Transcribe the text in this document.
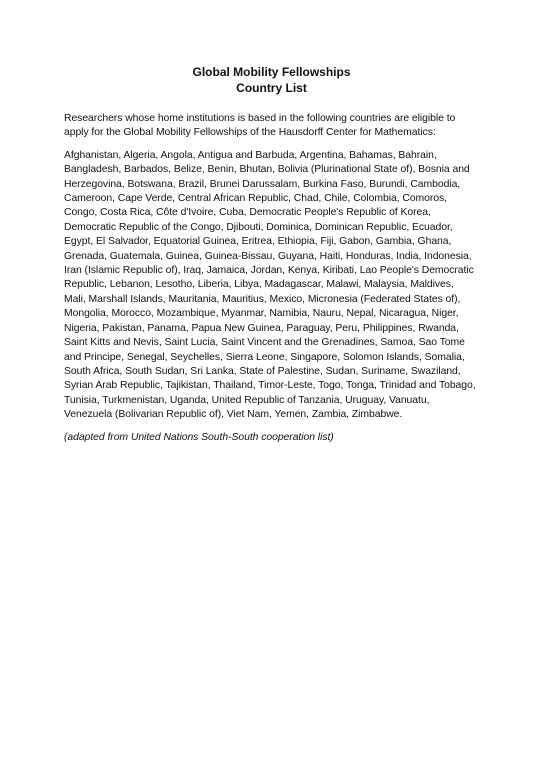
Global Mobility Fellowships
Country List

Researchers whose home institutions is based in the following countries are eligible to apply for the Global Mobility Fellowships of the Hausdorff Center for Mathematics:

Afghanistan, Algeria, Angola, Antigua and Barbuda, Argentina, Bahamas, Bahrain, Bangladesh, Barbados, Belize, Benin, Bhutan, Bolivia (Plurinational State of), Bosnia and Herzegovina, Botswana, Brazil, Brunei Darussalam, Burkina Faso, Burundi, Cambodia, Cameroon, Cape Verde, Central African Republic, Chad, Chile, Colombia, Comoros, Congo, Costa Rica, Côte d'Ivoire, Cuba, Democratic People's Republic of Korea, Democratic Republic of the Congo, Djibouti, Dominica, Dominican Republic, Ecuador, Egypt, El Salvador, Equatorial Guinea, Eritrea, Ethiopia, Fiji, Gabon, Gambia, Ghana, Grenada, Guatemala, Guinea, Guinea-Bissau, Guyana, Haiti, Honduras, India, Indonesia, Iran (Islamic Republic of), Iraq, Jamaica, Jordan, Kenya, Kiribati, Lao People's Democratic Republic, Lebanon, Lesotho, Liberia, Libya, Madagascar, Malawi, Malaysia, Maldives, Mali, Marshall Islands, Mauritania, Mauritius, Mexico, Micronesia (Federated States of), Mongolia, Morocco, Mozambique, Myanmar, Namibia, Nauru, Nepal, Nicaragua, Niger, Nigeria, Pakistan, Panama, Papua New Guinea, Paraguay, Peru, Philippines, Rwanda, Saint Kitts and Nevis, Saint Lucia, Saint Vincent and the Grenadines, Samoa, Sao Tome and Principe, Senegal, Seychelles, Sierra Leone, Singapore, Solomon Islands, Somalia, South Africa, South Sudan, Sri Lanka, State of Palestine, Sudan, Suriname, Swaziland, Syrian Arab Republic, Tajikistan, Thailand, Timor-Leste, Togo, Tonga, Trinidad and Tobago, Tunisia, Turkmenistan, Uganda, United Republic of Tanzania, Uruguay, Vanuatu, Venezuela (Bolivarian Republic of), Viet Nam, Yemen, Zambia, Zimbabwe.

(adapted from United Nations South-South cooperation list)
